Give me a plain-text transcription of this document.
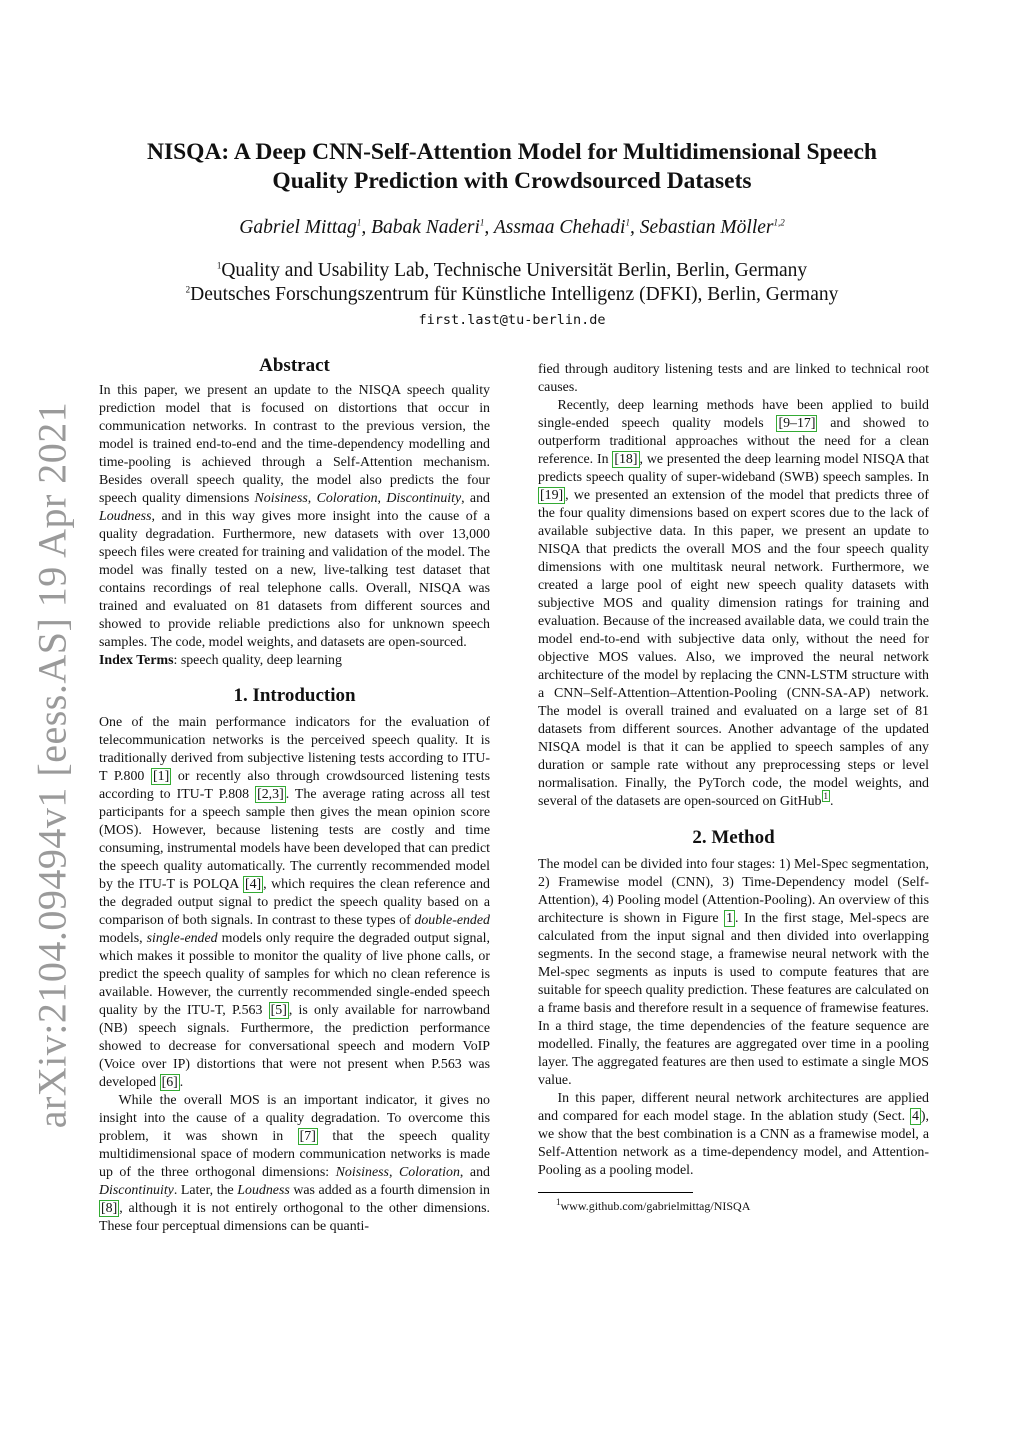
arXiv:2104.09494v1 [eess.AS] 19 Apr 2021
NISQA: A Deep CNN-Self-Attention Model for Multidimensional Speech
Quality Prediction with Crowdsourced Datasets
Gabriel Mittag$^1$, Babak Naderi$^1$, Assmaa Chehadi$^1$, Sebastian Möller$^{1,2}$
$^1$Quality and Usability Lab, Technische Universität Berlin, Berlin, Germany
$^2$Deutsches Forschungszentrum für Künstliche Intelligenz (DFKI), Berlin, Germany
first.last@tu-berlin.de
Abstract

In this paper, we present an update to the NISQA speech quality prediction model that is focused on distortions that occur in communication networks. In contrast to the previous version, the model is trained end-to-end and the time-dependency modelling and time-pooling is achieved through a Self-Attention mechanism. Besides overall speech quality, the model also predicts the four speech quality dimensions Noisiness, Coloration, Discontinuity, and Loudness, and in this way gives more insight into the cause of a quality degradation. Furthermore, new datasets with over 13,000 speech files were created for training and validation of the model. The model was finally tested on a new, live-talking test dataset that contains recordings of real telephone calls. Overall, NISQA was trained and evaluated on 81 datasets from different sources and showed to provide reliable predictions also for unknown speech samples. The code, model weights, and datasets are open-sourced.

Index Terms: speech quality, deep learning

1. Introduction

One of the main performance indicators for the evaluation of telecommunication networks is the perceived speech quality. It is traditionally derived from subjective listening tests according to ITU-T P.800 [1] or recently also through crowdsourced listening tests according to ITU-T P.808 [2,3] . The average rating across all test participants for a speech sample then gives the mean opinion score (MOS). However, because listening tests are costly and time consuming, instrumental models have been developed that can predict the speech quality automatically. The currently recommended model by the ITU-T is POLQA [4] , which requires the clean reference and the degraded output signal to predict the speech quality based on a comparison of both signals. In contrast to these types of double-ended models, single-ended models only require the degraded output signal, which makes it possible to monitor the quality of live phone calls, or predict the speech quality of samples for which no clean reference is available. However, the currently recommended single-ended speech quality by the ITU-T, P.563 [5] , is only available for narrowband (NB) speech signals. Furthermore, the prediction performance showed to decrease for conversational speech and modern VoIP (Voice over IP) distortions that were not present when P.563 was developed [6] .

While the overall MOS is an important indicator, it gives no insight into the cause of a quality degradation. To overcome this problem, it was shown in [7] that the speech quality multidimensional space of modern communication networks is made up of the three orthogonal dimensions: Noisiness, Coloration, and Discontinuity. Later, the Loudness was added as a fourth dimension in [8] , although it is not entirely orthogonal to the other dimensions. These four perceptual dimensions can be quanti-

fied through auditory listening tests and are linked to technical root causes.

Recently, deep learning methods have been applied to build single-ended speech quality models [9–17] and showed to outperform traditional approaches without the need for a clean reference. In [18] , we presented the deep learning model NISQA that predicts speech quality of super-wideband (SWB) speech samples. In [19] , we presented an extension of the model that predicts three of the four quality dimensions based on expert scores due to the lack of available subjective data. In this paper, we present an update to NISQA that predicts the overall MOS and the four speech quality dimensions with one multitask neural network. Furthermore, we created a large pool of eight new speech quality datasets with subjective MOS and quality dimension ratings for training and evaluation. Because of the increased available data, we could train the model end-to-end with subjective data only, without the need for objective MOS values. Also, we improved the neural network architecture of the model by replacing the CNN-LSTM structure with a CNN–Self-Attention–Attention-Pooling (CNN-SA-AP) network. The model is overall trained and evaluated on a large set of 81 datasets from different sources. Another advantage of the updated NISQA model is that it can be applied to speech samples of any duration or sample rate without any preprocessing steps or level normalisation. Finally, the PyTorch code, the model weights, and several of the datasets are open-sourced on GitHub $^1$ .

2. Method

The model can be divided into four stages: 1) Mel-Spec segmentation, 2) Framewise model (CNN), 3) Time-Dependency model (Self-Attention), 4) Pooling model (Attention-Pooling). An overview of this architecture is shown in Figure 1 . In the first stage, Mel-specs are calculated from the input signal and then divided into overlapping segments. In the second stage, a framewise neural network with the Mel-spec segments as inputs is used to compute features that are suitable for speech quality prediction. These features are calculated on a frame basis and therefore result in a sequence of framewise features. In a third stage, the time dependencies of the feature sequence are modelled. Finally, the features are aggregated over time in a pooling layer. The aggregated features are then used to estimate a single MOS value.

In this paper, different neural network architectures are applied and compared for each model stage. In the ablation study (Sect. 4 ), we show that the best combination is a CNN as a framewise model, a Self-Attention network as a time-dependency model, and Attention-Pooling as a pooling model.

$^1$www.github.com/gabrielmittag/NISQA
